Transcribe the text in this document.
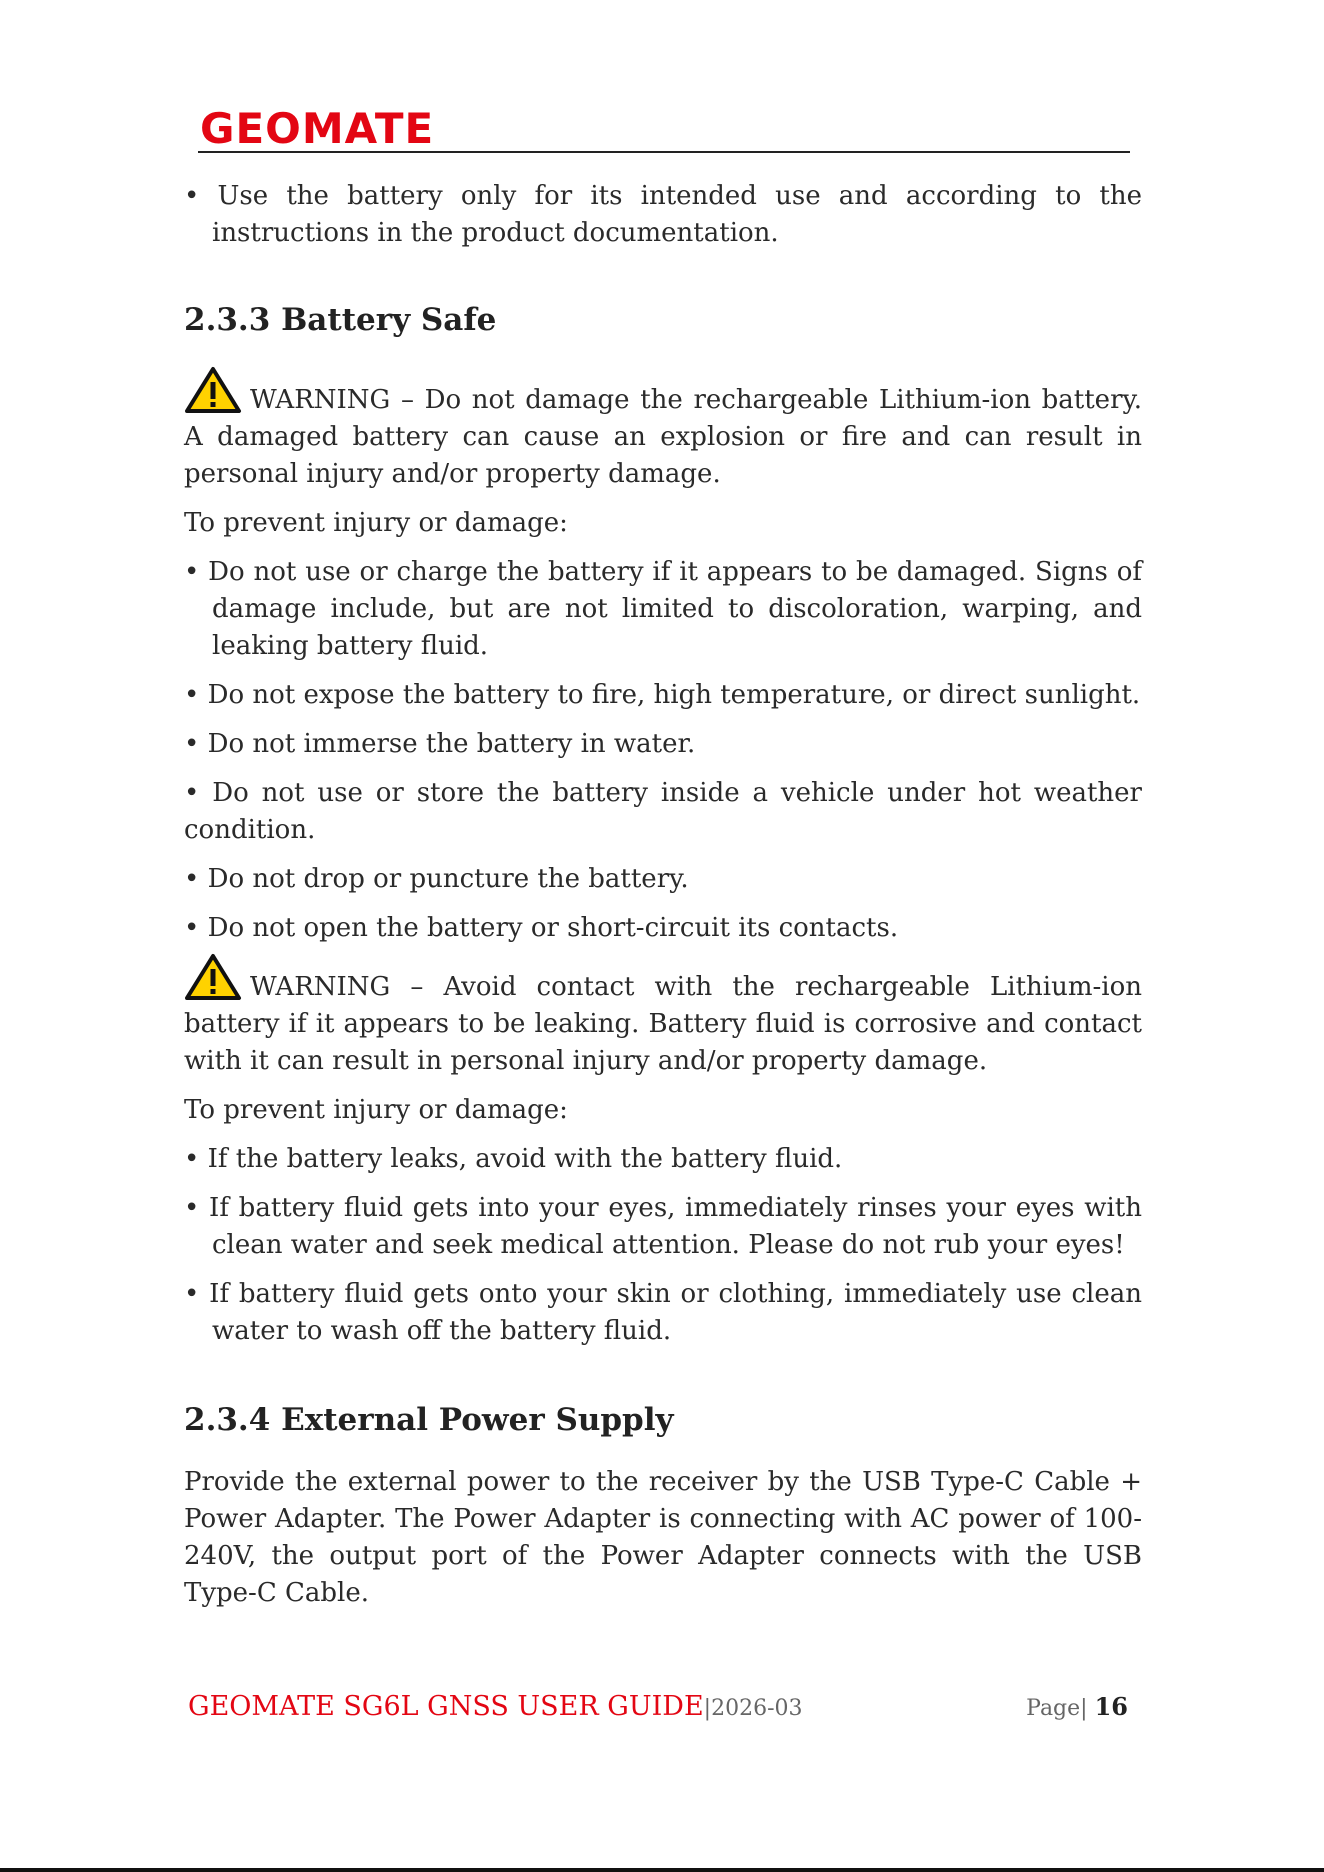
GEOMATE

• Use the battery only for its intended use and according to the instructions in the product documentation.

2.3.3 Battery Safe

WARNING – Do not damage the rechargeable Lithium-ion battery. A damaged battery can cause an explosion or fire and can result in personal injury and/or property damage.

To prevent injury or damage:

• Do not use or charge the battery if it appears to be damaged. Signs of damage include, but are not limited to discoloration, warping, and leaking battery fluid.

• Do not expose the battery to fire, high temperature, or direct sunlight.

• Do not immerse the battery in water.

• Do not use or store the battery inside a vehicle under hot weather condition.

• Do not drop or puncture the battery.

• Do not open the battery or short-circuit its contacts.

WARNING – Avoid contact with the rechargeable Lithium-ion battery if it appears to be leaking. Battery fluid is corrosive and contact with it can result in personal injury and/or property damage.

To prevent injury or damage:

• If the battery leaks, avoid with the battery fluid.

• If battery fluid gets into your eyes, immediately rinses your eyes with clean water and seek medical attention. Please do not rub your eyes!

• If battery fluid gets onto your skin or clothing, immediately use clean water to wash off the battery fluid.

2.3.4 External Power Supply

Provide the external power to the receiver by the USB Type-C Cable + Power Adapter. The Power Adapter is connecting with AC power of 100-240V, the output port of the Power Adapter connects with the USB Type-C Cable.

GEOMATE SG6L GNSS USER GUIDE|2026-03	Page| 16
